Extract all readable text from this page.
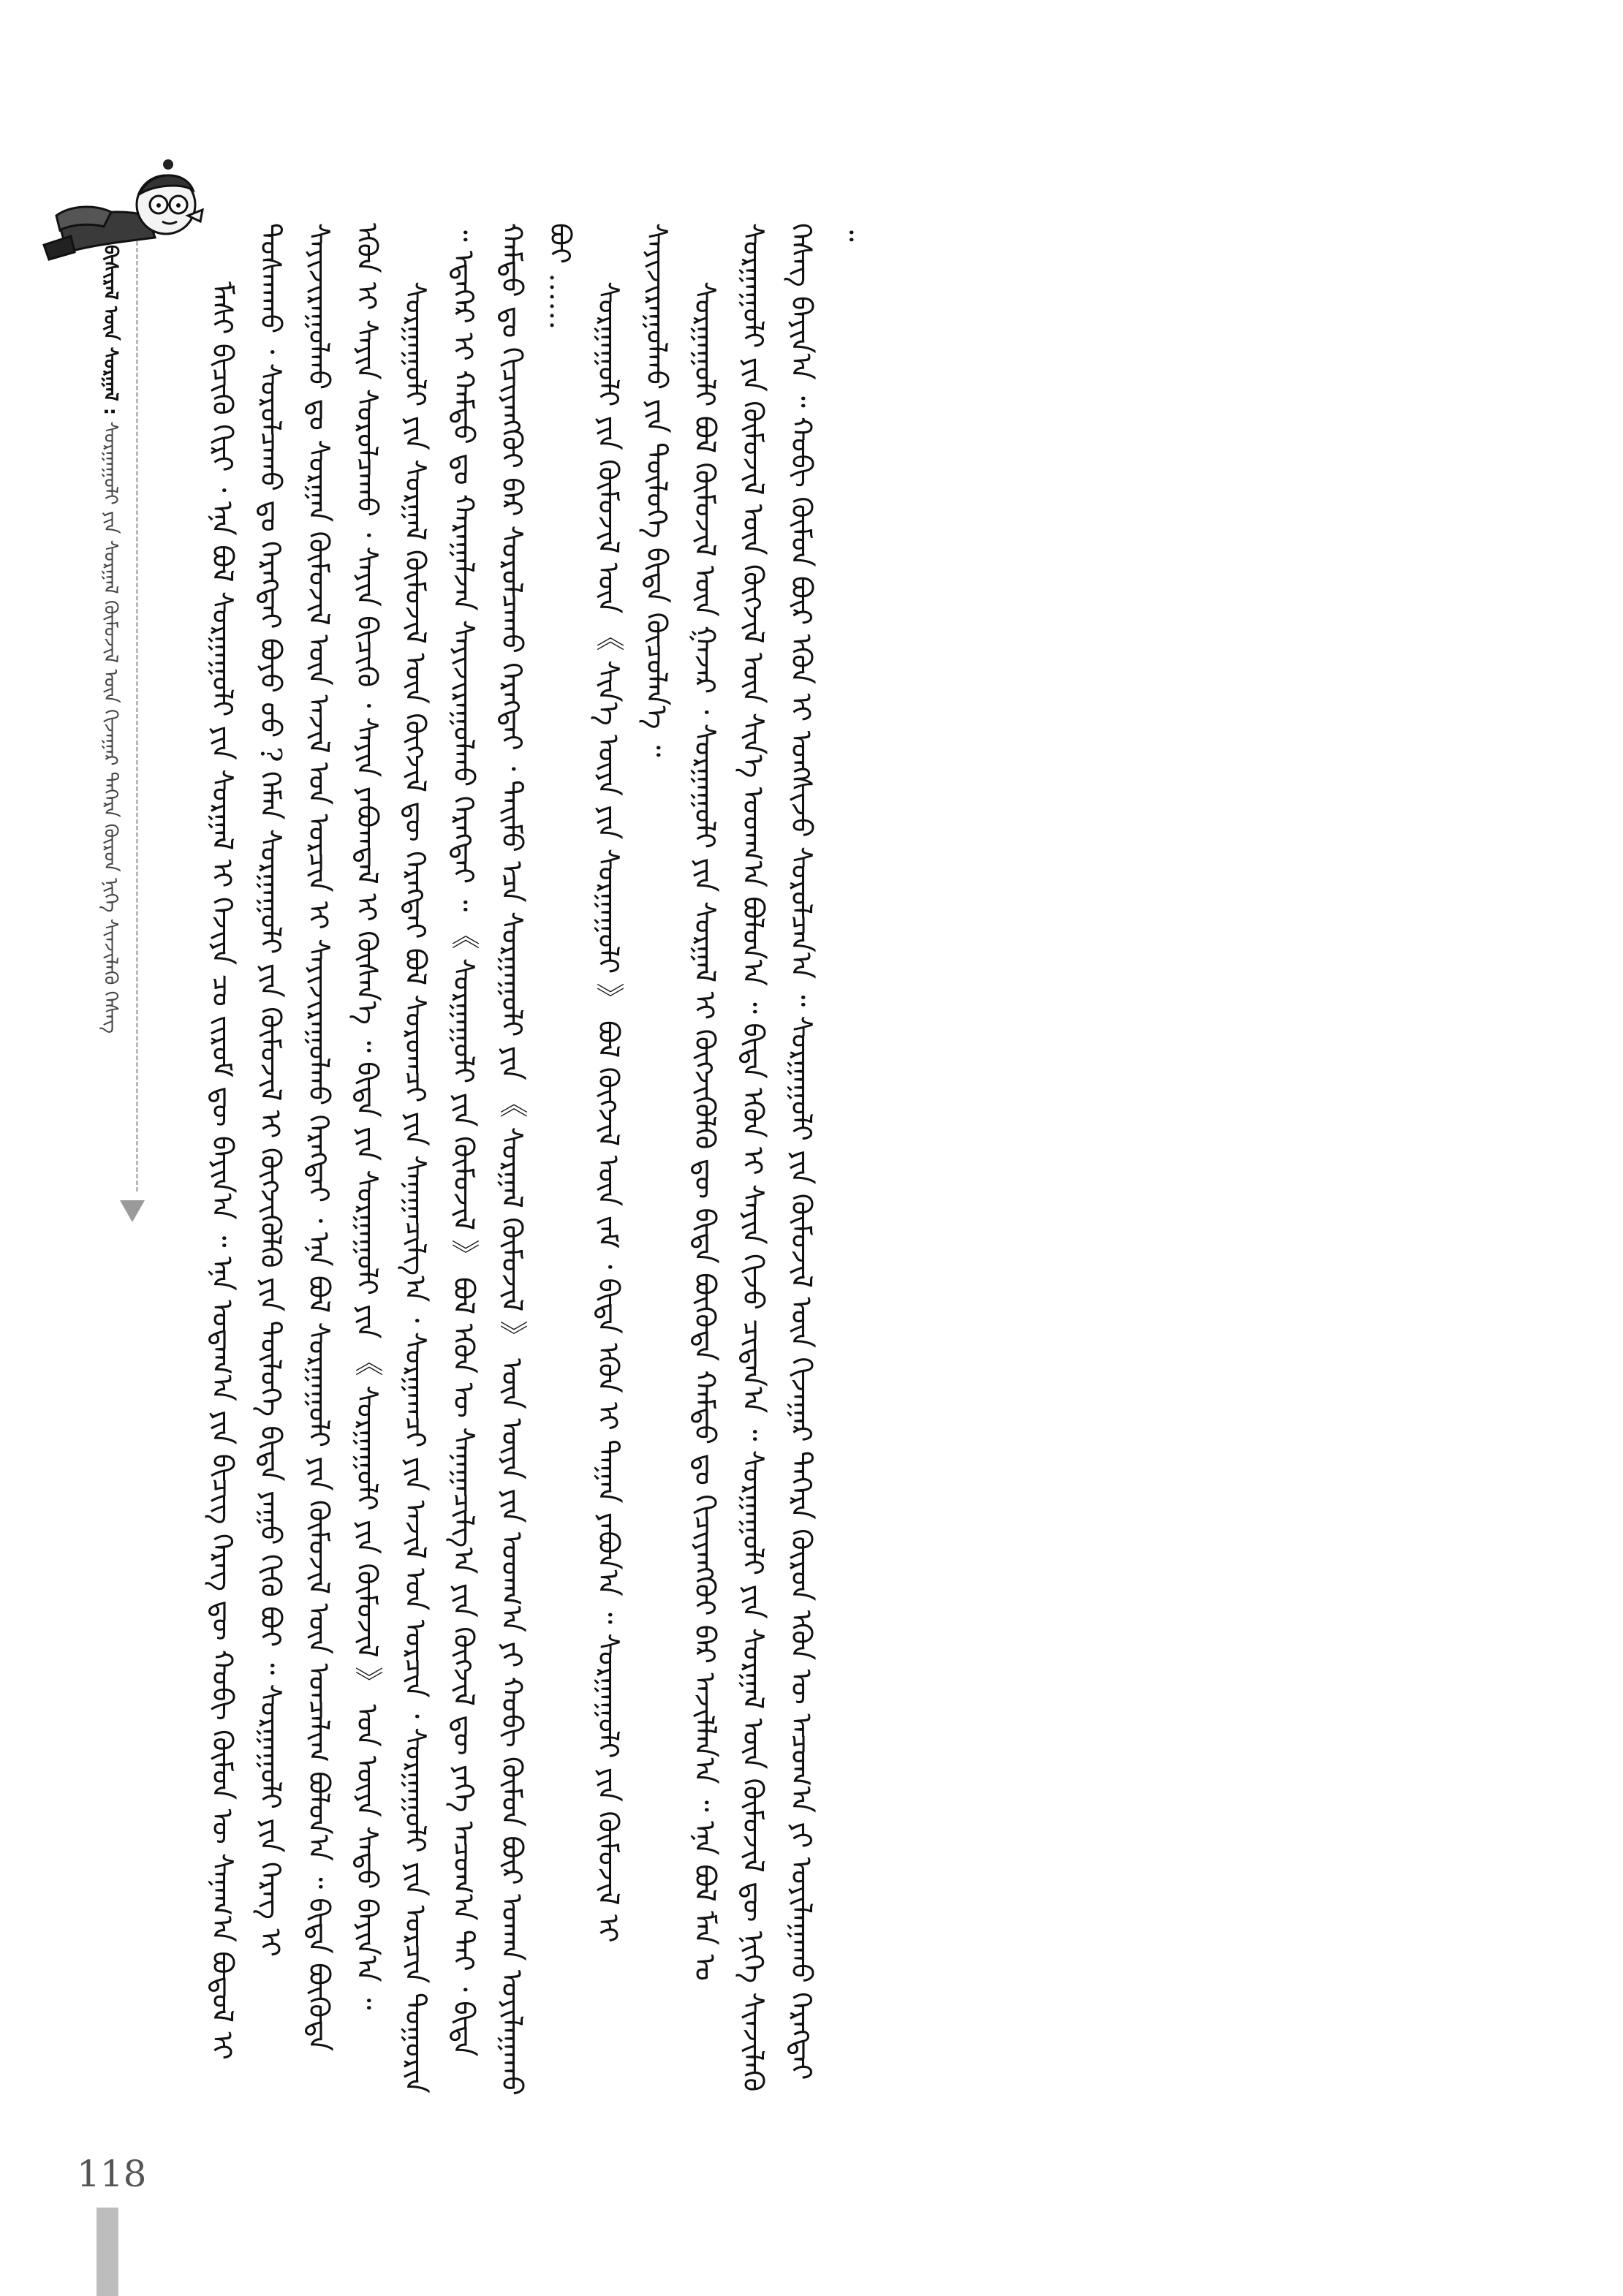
ᠪᠢᠰᠢᠷᠡᠯ ᠦᠨ ᠰᠤᠷᠭᠠᠯ : ᠰᠤᠷᠭᠠᠭᠤᠯᠢ ᠶᠢᠨ ᠰᠤᠷᠭᠠᠯ ᠬᠦᠮᠦᠵᠢᠯ ᠦᠨ ᠬᠢᠵᠠᠭᠠᠷ ᠳᠡᠭᠡᠷᠡ ᠬᠦᠷᠦᠨ ᠨᠢᠭᠡ ᠰᠢᠨᠵᠢᠯᠡᠬᠦ ᠬᠡᠰᠡᠭ	ᠮᠠᠰᠢ ᠪᠢᠴᠢᠬᠦ ᠬᠢᠷᠢ ᠂ ᠡᠨᠡ ᠪᠤᠯ ᠰᠤᠷᠭᠠᠭᠤᠯᠢ ᠶᠢᠨ ᠰᠤᠷᠭᠠᠯ ᠢ ᠬᠡᠵᠢᠶᠡ ᠴᠤ ᠵᠢᠷᠤᠮ ᠳᠦ ᠪᠠᠶᠢᠨ᠎ᠠ ᠃ ᠡᠨᠡ ᠤᠳᠠᠭ᠎ᠠ ᠶᠢᠨ ᠪᠢᠴᠢᠭ ᠬᠡᠷᠡᠭ ᠳᠦ ᠬᠤᠪᠢ ᠬᠥᠮᠥᠨ ᠦ ᠰᠠᠨᠠᠭ᠎ᠠ ᠪᠤᠳᠤᠯ ᠢ ᠲᠤᠰᠬᠠᠬᠤ ᠂ ᠰᠤᠷᠤᠯᠴᠠᠬᠤ ᠳᠤ ᠬᠡᠷᠡᠭᠲᠡᠢ ᠪᠤᠶᠤ ᠤᠤ ? ᠬᠡᠮᠡᠨ ᠰᠤᠷᠭᠠᠭᠤᠯᠢ ᠶᠢᠨ ᠬᠦᠮᠦᠵᠢᠯ ᠢ ᠬᠥᠭᠵᠢᠭᠦᠯᠬᠦ ᠶᠢᠨ ᠲᠥᠯᠥᠭᠡ ᠪᠢᠳᠡ ᠶᠠᠭᠤ ᠬᠢᠬᠦ ᠪᠤᠢ ᠃ ᠰᠤᠷᠭᠠᠭᠤᠯᠢ ᠶᠢᠨ ᠬᠡᠷᠡᠭ ᠢ ᠰᠠᠶᠢᠵᠢᠷᠠᠭᠤᠯᠬᠤ ᠳᠤ ᠰᠤᠷᠭᠠᠨ ᠬᠦᠮᠦᠵᠢᠯ ᠦᠨ ᠠᠵᠢᠯ ᠤᠨ ᠤᠷᠴᠢᠨ ᠢ ᠰᠠᠶᠢᠵᠢᠷᠠᠭᠤᠯᠬᠤ ᠬᠡᠷᠡᠭᠲᠡᠢ ᠂ ᠡᠨᠡ ᠪᠤᠯ ᠰᠤᠷᠭᠠᠭᠤᠯᠢ ᠶᠢᠨ ᠬᠦᠮᠦᠵᠢᠯ ᠦᠨ ᠣᠨᠴᠠᠯᠢᠭ ᠪᠣᠯᠤᠨ᠎ᠠ ᠃ ᠪᠢᠳᠡ ᠪᠦᠭᠦᠳᠡ ᠡᠭᠦᠨ ᠢ ᠰᠠᠶᠢᠨ ᠰᠤᠷᠤᠯᠴᠠᠬᠤ ᠂ ᠰᠠᠶᠢᠨ ᠪᠢᠴᠢᠬᠦ ᠂ ᠰᠠᠶᠢᠨ ᠶᠠᠪᠤᠭᠳᠠᠯ ᠢ ᠬᠦᠰᠡᠨ᠎ᠡ ᠃ ᠪᠢᠳᠡ ᠶᠢᠨ ᠰᠤᠷᠭᠠᠭᠤᠯᠢ ᠶᠢᠨ 《 ᠰᠤᠷᠭᠠᠭᠤᠯᠢ ᠶᠢᠨ ᠬᠦᠮᠦᠵᠢᠯ 》 ᠤᠨ ᠦᠶᠡ ᠰᠠᠳᠤ ᠪᠠᠶᠢᠨ᠎ᠠ ᠃ ᠰᠤᠷᠭᠠᠭᠤᠯᠢ ᠶᠢᠨ ᠰᠤᠷᠭᠠᠯ ᠬᠦᠮᠦᠵᠢᠯ ᠦᠨ ᠬᠥᠭᠵᠢᠯ ᠳᠦ ᠬᠡᠷᠡᠭᠲᠡᠢ ᠪᠤᠯ ᠰᠤᠷᠤᠭᠴᠢ ᠶᠢᠨ ᠰᠠᠨᠠᠭᠠᠴᠢᠯᠭ᠎ᠠ ᠂ ᠰᠤᠷᠭᠠᠭᠴᠢ ᠶᠢᠨ ᠠᠵᠢᠯ ᠤᠨ ᠤᠷᠴᠢᠨ ᠂ ᠰᠤᠷᠭᠠᠭᠤᠯᠢ ᠶᠢᠨ ᠣᠷᠴᠢᠨ ᠲᠣᠭᠣᠷᠢᠨ ᠃ ᠡᠳᠡᠭᠡᠷ ᠢ ᠬᠠᠮᠲᠤ ᠳᠤ ᠬᠠᠷᠠᠭᠠᠯᠵᠠᠨ ᠰᠠᠶᠢᠵᠢᠷᠠᠭᠤᠯᠬᠤ ᠬᠡᠷᠡᠭᠲᠡᠢ ᠃ 《 ᠰᠤᠷᠭᠠᠭᠤᠯᠢ ᠶᠢᠨ ᠬᠦᠮᠦᠵᠢᠯ 》 ᠪᠣᠯ ᠡᠭᠦᠨ ᠦ ᠰᠠᠨᠠᠭᠠᠴᠢᠯᠭ᠎ᠠ ᠶᠢᠨ ᠬᠥᠭᠵᠢᠯ ᠳᠦ ᠶᠡᠬᠡ ᠠᠴᠤᠭ᠎ᠠ ᠲᠠᠢ ᠂ ᠪᠢᠳᠡ ᠬᠠᠮᠲᠤ ᠳᠤ ᠬᠢᠴᠢᠶᠡᠩᠭᠦᠢ ᠪᠠᠷ ᠰᠤᠷᠤᠯᠴᠠᠬᠤ ᠬᠡᠷᠡᠭᠲᠡᠢ ᠂ ᠲᠡᠢᠮᠦ ᠡᠴᠡ ᠰᠤᠷᠭᠠᠭᠤᠯᠢ ᠶᠢᠨ 《 ᠰᠤᠷᠭᠠᠯ ᠬᠦᠮᠦᠵᠢᠯ 》 ᠦᠨ ᠦᠶᠡ ᠶᠢᠨ ᠤᠳᠬ᠎ᠠ ᠶᠢ ᠬᠤᠪᠢ ᠬᠥᠮᠥᠨ ᠪᠦᠷ ᠤᠬᠠᠨ ᠣᠶᠢᠯᠠᠭᠠᠬᠤ ᠪᠤᠢ ……

ᠰᠤᠷᠭᠠᠭᠤᠯᠢ ᠶᠢᠨ ᠬᠦᠮᠦᠵᠢᠯ ᠦᠨ 《 ᠰᠢᠨ᠎ᠡ ᠦᠶᠡ ᠶᠢᠨ ᠰᠤᠷᠭᠠᠭᠤᠯᠢ 》 ᠪᠤᠯ ᠬᠥᠭᠵᠢᠯ ᠦᠨ ᠵᠠᠮ ᠂ ᠪᠢᠳᠡ ᠡᠭᠦᠨ ᠢ ᠳᠠᠭᠠᠨ ᠶᠠᠪᠤᠨ᠎ᠠ ᠃ ᠰᠤᠷᠭᠠᠭᠤᠯᠢ ᠶᠢᠨ ᠬᠦᠮᠦᠵᠢᠯ ᠢ ᠰᠠᠶᠢᠵᠢᠷᠠᠭᠤᠯᠬᠤ ᠶᠢᠨ ᠲᠥᠯᠥᠭᠡ ᠪᠢᠳᠡ ᠬᠦᠴᠦᠯᠡᠨ᠎ᠡ ᠃ ᠰᠤᠷᠭᠠᠭᠤᠯᠢ ᠪᠤᠯ ᠬᠦᠮᠦᠵᠢᠯ ᠦᠨ ᠭᠠᠵᠠᠷ ᠂ ᠰᠤᠷᠭᠠᠭᠤᠯᠢ ᠶᠢᠨ ᠰᠤᠷᠭᠠᠯ ᠢ ᠬᠥᠭᠵᠢᠭᠦᠯᠬᠦ ᠳᠦ ᠪᠢᠳᠡ ᠪᠦᠭᠦᠳᠡ ᠬᠠᠮᠲᠤ ᠳᠤ ᠬᠢᠴᠢᠶᠡᠩᠭᠦᠢ ᠪᠠᠷ ᠠᠵᠢᠯᠯᠠᠨ᠎ᠠ ᠃ ᠡᠨᠡ ᠪᠤᠯ ᠮᠠᠨ ᠤ ᠰᠤᠷᠭᠠᠭᠤᠯᠢ ᠶᠢᠨ ᠬᠦᠮᠦᠵᠢᠯ ᠦᠨ ᠬᠥᠭᠵᠢᠯ ᠦᠨ ᠰᠢᠨ᠎ᠡ ᠤᠳᠬ᠎ᠠ ᠪᠣᠯᠤᠨ᠎ᠠ ᠃ ᠪᠢᠳᠡ ᠡᠭᠦᠨ ᠢ ᠰᠠᠶᠢᠨ ᠬᠢᠵᠦ ᠴᠢᠳᠠᠨ᠎ᠠ ᠃ ᠰᠤᠷᠭᠠᠭᠤᠯᠢ ᠶᠢᠨ ᠰᠤᠷᠭᠠᠯ ᠦᠨ ᠬᠦᠮᠦᠵᠢᠯ ᠳᠦ ᠨᠢᠭᠡ ᠰᠢᠨᠵᠢᠯᠡᠬᠦ ᠬᠡᠰᠡᠭ ᠪᠠᠶᠢᠨ᠎ᠠ ᠃ ᠬᠤᠪᠢ ᠬᠥᠮᠥᠨ ᠪᠦᠷ ᠡᠭᠦᠨ ᠢ ᠤᠩᠰᠢᠵᠤ ᠰᠤᠷᠤᠯᠴᠠᠨ᠎ᠠ ᠃ ᠰᠤᠷᠭᠠᠭᠤᠯᠢ ᠶᠢᠨ ᠬᠦᠮᠦᠵᠢᠯ ᠦᠨ ᠬᠢᠵᠠᠭᠠᠷ ᠳᠡᠭᠡᠷᠡ ᠬᠦᠷᠦᠨ ᠡᠭᠦᠨ ᠦ ᠠᠴᠤᠭ᠎ᠠ ᠶᠢ ᠣᠶᠢᠯᠠᠭᠠᠬᠤ ᠬᠡᠷᠡᠭᠲᠡᠢ ᠃

118
